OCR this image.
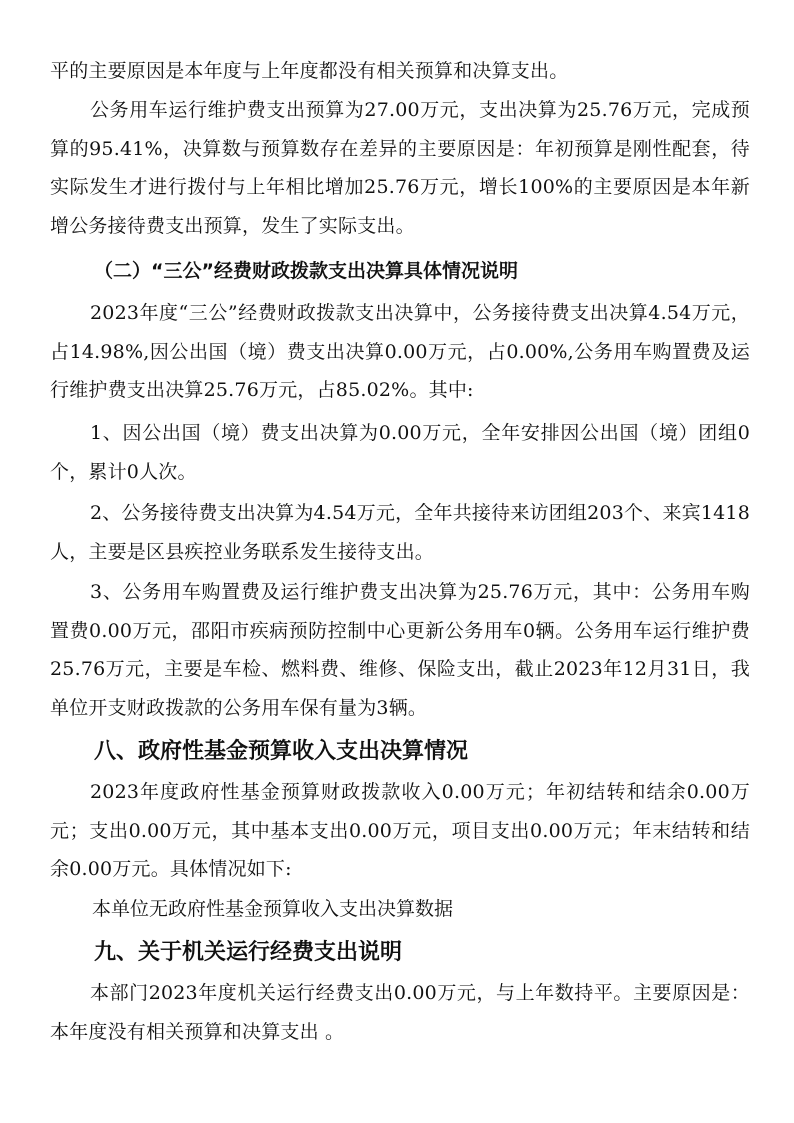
平的主要原因是本年度与上年度都没有相关预算和决算支出。

公务用车运行维护费支出预算为27.00万元，支出决算为25.76万元，完成预算的95.41%，决算数与预算数存在差异的主要原因是：年初预算是刚性配套，待实际发生才进行拨付与上年相比增加25.76万元，增长100%的主要原因是本年新增公务接待费支出预算，发生了实际支出。

（二）“三公”经费财政拨款支出决算具体情况说明

2023年度“三公”经费财政拨款支出决算中，公务接待费支出决算4.54万元，占14.98%,因公出国（境）费支出决算0.00万元，占0.00%,公务用车购置费及运行维护费支出决算25.76万元，占85.02%。其中:

1、因公出国（境）费支出决算为0.00万元，全年安排因公出国（境）团组0个，累计0人次。

2、公务接待费支出决算为4.54万元，全年共接待来访团组203个、来宾1418人，主要是区县疾控业务联系发生接待支出。

3、公务用车购置费及运行维护费支出决算为25.76万元，其中：公务用车购置费0.00万元，邵阳市疾病预防控制中心更新公务用车0辆。公务用车运行维护费25.76万元，主要是车检、燃料费、维修、保险支出，截止2023年12月31日，我单位开支财政拨款的公务用车保有量为3辆。

八、政府性基金预算收入支出决算情况

2023年度政府性基金预算财政拨款收入0.00万元；年初结转和结余0.00万元；支出0.00万元，其中基本支出0.00万元，项目支出0.00万元；年末结转和结余0.00万元。具体情况如下:

本单位无政府性基金预算收入支出决算数据
九、关于机关运行经费支出说明

本部门2023年度机关运行经费支出0.00万元，与上年数持平。主要原因是：本年度没有相关预算和决算支出 。
